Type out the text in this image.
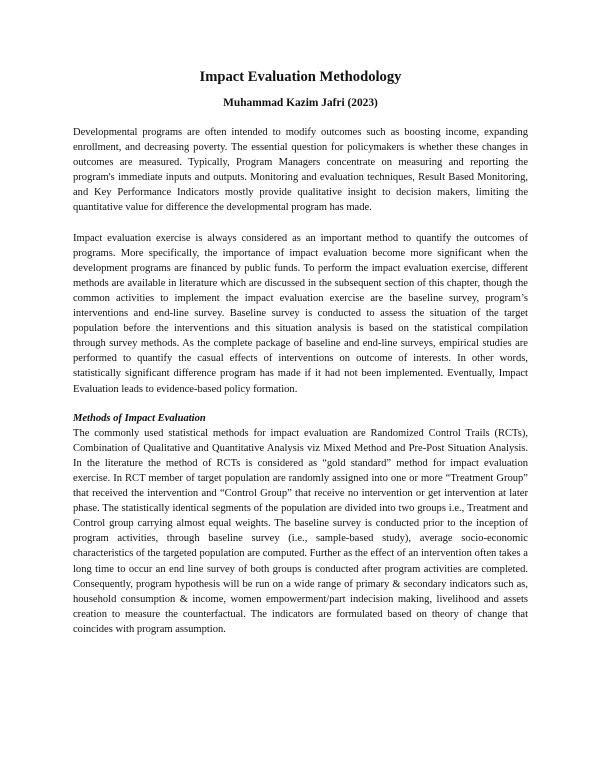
Impact Evaluation Methodology
Muhammad Kazim Jafri (2023)

Developmental programs are often intended to modify outcomes such as boosting income, expanding enrollment, and decreasing poverty. The essential question for policymakers is whether these changes in outcomes are measured. Typically, Program Managers concentrate on measuring and reporting the program's immediate inputs and outputs. Monitoring and evaluation techniques, Result Based Monitoring, and Key Performance Indicators mostly provide qualitative insight to decision makers, limiting the quantitative value for difference the developmental program has made.

Impact evaluation exercise is always considered as an important method to quantify the outcomes of programs. More specifically, the importance of impact evaluation become more significant when the development programs are financed by public funds. To perform the impact evaluation exercise, different methods are available in literature which are discussed in the subsequent section of this chapter, though the common activities to implement the impact evaluation exercise are the baseline survey, program’s interventions and end-line survey. Baseline survey is conducted to assess the situation of the target population before the interventions and this situation analysis is based on the statistical compilation through survey methods. As the complete package of baseline and end-line surveys, empirical studies are performed to quantify the casual effects of interventions on outcome of interests. In other words, statistically significant difference program has made if it had not been implemented. Eventually, Impact Evaluation leads to evidence-based policy formation.

Methods of Impact Evaluation

The commonly used statistical methods for impact evaluation are Randomized Control Trails (RCTs), Combination of Qualitative and Quantitative Analysis viz Mixed Method and Pre-Post Situation Analysis. In the literature the method of RCTs is considered as “gold standard” method for impact evaluation exercise. In RCT member of target population are randomly assigned into one or more “Treatment Group” that received the intervention and “Control Group” that receive no intervention or get intervention at later phase. The statistically identical segments of the population are divided into two groups i.e., Treatment and Control group carrying almost equal weights. The baseline survey is conducted prior to the inception of program activities, through baseline survey (i.e., sample-based study), average socio-economic characteristics of the targeted population are computed. Further as the effect of an intervention often takes a long time to occur an end line survey of both groups is conducted after program activities are completed. Consequently, program hypothesis will be run on a wide range of primary & secondary indicators such as, household consumption & income, women empowerment/part indecision making, livelihood and assets creation to measure the counterfactual. The indicators are formulated based on theory of change that coincides with program assumption.
